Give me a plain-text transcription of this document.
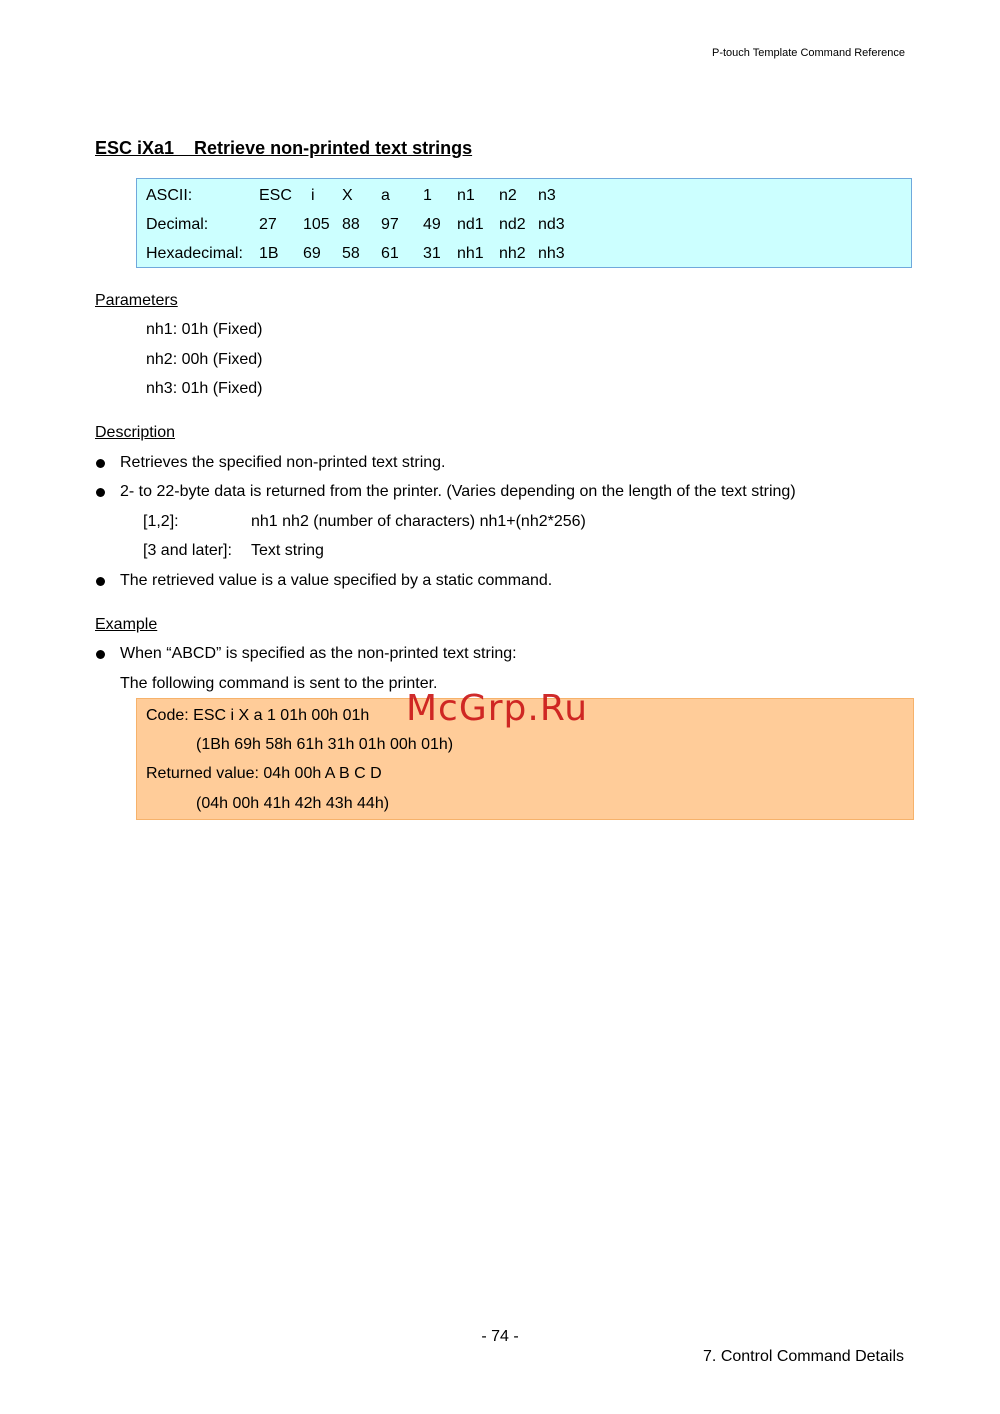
P-touch Template Command Reference
ESC iXa1    Retrieve non-printed text strings
ASCII:	ESC i X a 1 n1 n2 n3
Decimal:	27 105 88 97 49 nd1 nd2 nd3
Hexadecimal: 1B 69 58 61 31 nh1 nh2 nh3
Parameters
nh1: 01h (Fixed)
nh2: 00h (Fixed)
nh3: 01h (Fixed)
Description
Retrieves the specified non-printed text string.
2- to 22-byte data is returned from the printer. (Varies depending on the length of the text string)
[1,2]:	nh1 nh2 (number of characters) nh1+(nh2*256)
[3 and later]: Text string
The retrieved value is a value specified by a static command.
Example
When “ABCD” is specified as the non-printed text string:
The following command is sent to the printer.
Code: ESC i X a 1 01h 00h 01h
(1Bh 69h 58h 61h 31h 01h 00h 01h)
Returned value: 04h 00h A B C D
(04h 00h 41h 42h 43h 44h)
McGrp.Ru
- 74 -
7. Control Command Details
